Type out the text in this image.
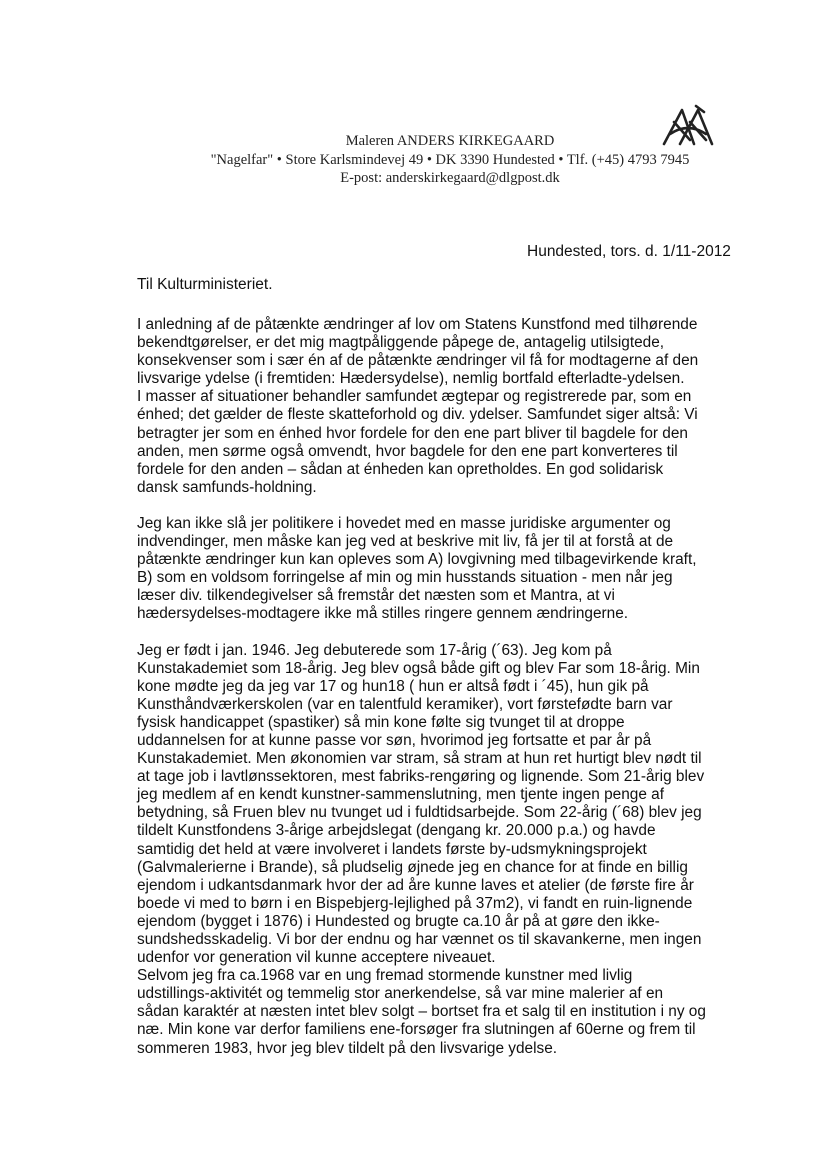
Maleren ANDERS KIRKEGAARD
"Nagelfar" • Store Karlsmindevej 49 • DK 3390 Hundested • Tlf. (+45) 4793 7945
E-post: anderskirkegaard@dlgpost.dk
Hundested, tors. d. 1/11-2012
Til Kulturministeriet.
I anledning af de påtænkte ændringer af lov om Statens Kunstfond med tilhørende
bekendtgørelser, er det mig magtpåliggende påpege de, antagelig utilsigtede,
konsekvenser som i sær én af de påtænkte ændringer vil få for modtagerne af den
livsvarige ydelse (i fremtiden: Hædersydelse), nemlig bortfald efterladte-ydelsen.
I masser af situationer behandler samfundet ægtepar og registrerede par, som en
énhed; det gælder de fleste skatteforhold og div. ydelser. Samfundet siger altså: Vi
betragter jer som en énhed hvor fordele for den ene part bliver til bagdele for den
anden, men sørme også omvendt, hvor bagdele for den ene part konverteres til
fordele for den anden – sådan at énheden kan opretholdes. En god solidarisk
dansk samfunds-holdning.
Jeg kan ikke slå jer politikere i hovedet med en masse juridiske argumenter og
indvendinger, men måske kan jeg ved at beskrive mit liv, få jer til at forstå at de
påtænkte ændringer kun kan opleves som A) lovgivning med tilbagevirkende kraft,
B) som en voldsom forringelse af min og min husstands situation - men når jeg
læser div. tilkendegivelser så fremstår det næsten som et Mantra, at vi
hædersydelses-modtagere ikke må stilles ringere gennem ændringerne.
Jeg er født i jan. 1946. Jeg debuterede som 17-årig (´63). Jeg kom på
Kunstakademiet som 18-årig. Jeg blev også både gift og blev Far som 18-årig. Min
kone mødte jeg da jeg var 17 og hun18 ( hun er altså født i ´45), hun gik på
Kunsthåndværkerskolen (var en talentfuld keramiker), vort førstefødte barn var
fysisk handicappet (spastiker) så min kone følte sig tvunget til at droppe
uddannelsen for at kunne passe vor søn, hvorimod jeg fortsatte et par år på
Kunstakademiet. Men økonomien var stram, så stram at hun ret hurtigt blev nødt til
at tage job i lavtlønssektoren, mest fabriks-rengøring og lignende. Som 21-årig blev
jeg medlem af en kendt kunstner-sammenslutning, men tjente ingen penge af
betydning, så Fruen blev nu tvunget ud i fuldtidsarbejde. Som 22-årig (´68) blev jeg
tildelt Kunstfondens 3-årige arbejdslegat (dengang kr. 20.000 p.a.) og havde
samtidig det held at være involveret i landets første by-udsmykningsprojekt
(Galvmalerierne i Brande), så pludselig øjnede jeg en chance for at finde en billig
ejendom i udkantsdanmark hvor der ad åre kunne laves et atelier (de første fire år
boede vi med to børn i en Bispebjerg-lejlighed på 37m2), vi fandt en ruin-lignende
ejendom (bygget i 1876) i Hundested og brugte ca.10 år på at gøre den ikke-
sundshedsskadelig. Vi bor der endnu og har vænnet os til skavankerne, men ingen
udenfor vor generation vil kunne acceptere niveauet.
Selvom jeg fra ca.1968 var en ung fremad stormende kunstner med livlig
udstillings-aktivitét og temmelig stor anerkendelse, så var mine malerier af en
sådan karaktér at næsten intet blev solgt – bortset fra et salg til en institution i ny og
næ. Min kone var derfor familiens ene-forsøger fra slutningen af 60erne og frem til
sommeren 1983, hvor jeg blev tildelt på den livsvarige ydelse.
